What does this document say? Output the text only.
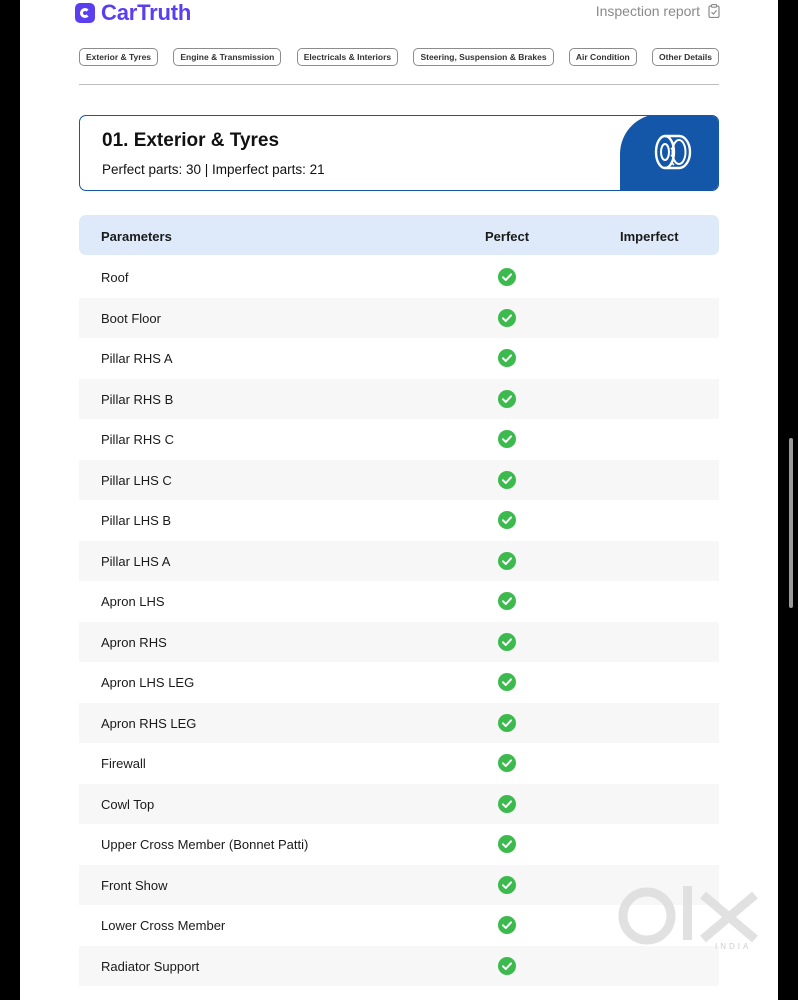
CarTruth	Inspection report
Exterior & Tyres	Engine & Transmission	Electricals & Interiors	Steering, Suspension & Brakes	Air Condition	Other Details
01. Exterior & Tyres
Perfect parts: 30 | Imperfect parts: 21
Parameters	Perfect	Imperfect
Roof
Boot Floor
Pillar RHS A
Pillar RHS B
Pillar RHS C
Pillar LHS C
Pillar LHS B
Pillar LHS A
Apron LHS
Apron RHS
Apron LHS LEG
Apron RHS LEG
Firewall
Cowl Top
Upper Cross Member (Bonnet Patti)
Front Show
Lower Cross Member
Radiator Support
INDIA
